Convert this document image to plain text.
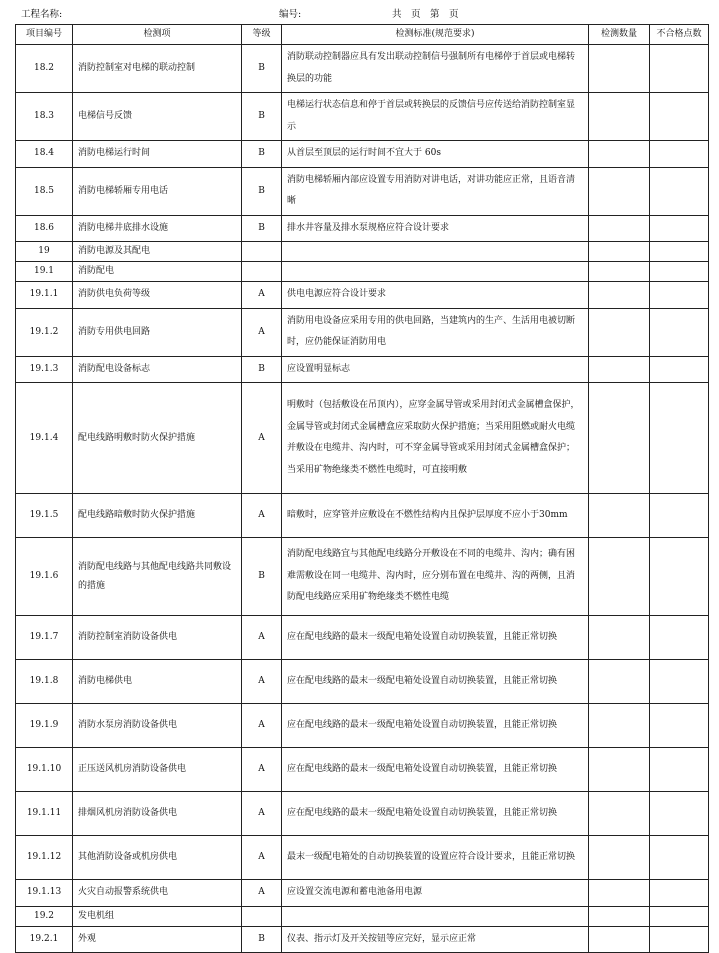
工程名称:	编号:	共　页　第　页
项目编号	检测项	等级	检测标准(规范要求)	检测数量	不合格点数
18.2	消防控制室对电梯的联动控制	B	消防联动控制器应具有发出联动控制信号强制所有电梯停于首层或电梯转换层的功能		
18.3	电梯信号反馈	B	电梯运行状态信息和停于首层或转换层的反馈信号应传送给消防控制室显示		
18.4	消防电梯运行时间	B	从首层至顶层的运行时间不宜大于 60s		
18.5	消防电梯轿厢专用电话	B	消防电梯轿厢内部应设置专用消防对讲电话，对讲功能应正常，且语音清晰		
18.6	消防电梯井底排水设施	B	排水井容量及排水泵规格应符合设计要求		
19	消防电源及其配电				
19.1	消防配电				
19.1.1	消防供电负荷等级	A	供电电源应符合设计要求		
19.1.2	消防专用供电回路	A	消防用电设备应采用专用的供电回路，当建筑内的生产、生活用电被切断时，应仍能保证消防用电		
19.1.3	消防配电设备标志	B	应设置明显标志		
19.1.4	配电线路明敷时防火保护措施	A	明敷时（包括敷设在吊顶内），应穿金属导管或采用封闭式金属槽盒保护，金属导管或封闭式金属槽盒应采取防火保护措施；当采用阻燃或耐火电缆并敷设在电缆井、沟内时，可不穿金属导管或采用封闭式金属槽盒保护；当采用矿物绝缘类不燃性电缆时，可直接明敷		
19.1.5	配电线路暗敷时防火保护措施	A	暗敷时，应穿管并应敷设在不燃性结构内且保护层厚度不应小于30mm		
19.1.6	消防配电线路与其他配电线路共同敷设的措施	B	消防配电线路宜与其他配电线路分开敷设在不同的电缆井、沟内；确有困难需敷设在同一电缆井、沟内时，应分别布置在电缆井、沟的两侧，且消防配电线路应采用矿物绝缘类不燃性电缆		
19.1.7	消防控制室消防设备供电	A	应在配电线路的最末一级配电箱处设置自动切换装置，且能正常切换		
19.1.8	消防电梯供电	A	应在配电线路的最末一级配电箱处设置自动切换装置，且能正常切换		
19.1.9	消防水泵房消防设备供电	A	应在配电线路的最末一级配电箱处设置自动切换装置，且能正常切换		
19.1.10	正压送风机房消防设备供电	A	应在配电线路的最末一级配电箱处设置自动切换装置，且能正常切换		
19.1.11	排烟风机房消防设备供电	A	应在配电线路的最末一级配电箱处设置自动切换装置，且能正常切换		
19.1.12	其他消防设备或机房供电	A	最末一级配电箱处的自动切换装置的设置应符合设计要求，且能正常切换		
19.1.13	火灾自动报警系统供电	A	应设置交流电源和蓄电池备用电源		
19.2	发电机组				
19.2.1	外观	B	仪表、指示灯及开关按钮等应完好，显示应正常		
